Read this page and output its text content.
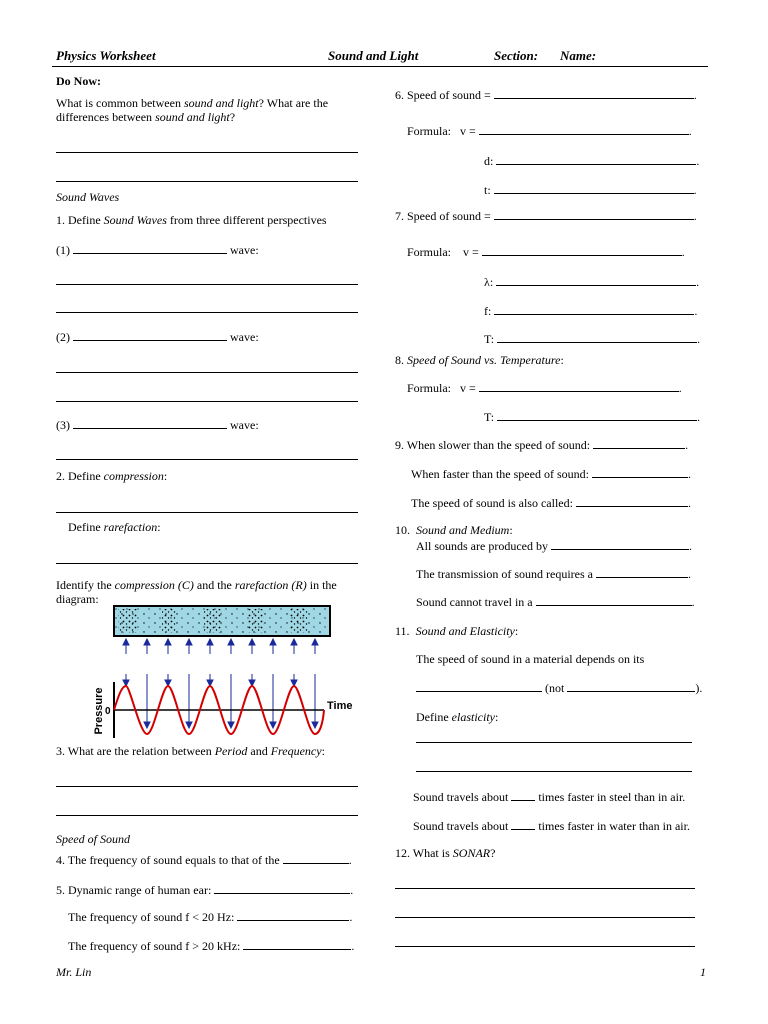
Physics Worksheet	Sound and Light	Section: Name:
Do Now:
What is common between sound and light? What are the
differences between sound and light?
Sound Waves
1. Define Sound Waves from three different perspectives
(1)	wave:
(2)	wave:
(3)	wave:
2. Define compression:
Define rarefaction:
Identify the compression (C) and the rarefaction (R) in the
diagram:
Pressure 0	Time
3. What are the relation between Period and Frequency:
Speed of Sound
4. The frequency of sound equals to that of the	.
5. Dynamic range of human ear:	.
The frequency of sound f < 20 Hz:	.
The frequency of sound f > 20 kHz:	.
6. Speed of sound =	.
Formula: v =	.
d:	.
t:	.
7. Speed of sound =	.
Formula: v =	.
λ:	.
f:	.
T:	.
8. Speed of Sound vs. Temperature:
Formula: v =	.
T:	.
9. When slower than the speed of sound:	.
When faster than the speed of sound:	.
The speed of sound is also called:	.
10. Sound and Medium:
All sounds are produced by	.
The transmission of sound requires a	.
Sound cannot travel in a	.
11. Sound and Elasticity:
The speed of sound in a material depends on its
(not	).
Define elasticity:
Sound travels about	times faster in steel than in air.
Sound travels about	times faster in water than in air.
12. What is SONAR?
Mr. Lin	1
